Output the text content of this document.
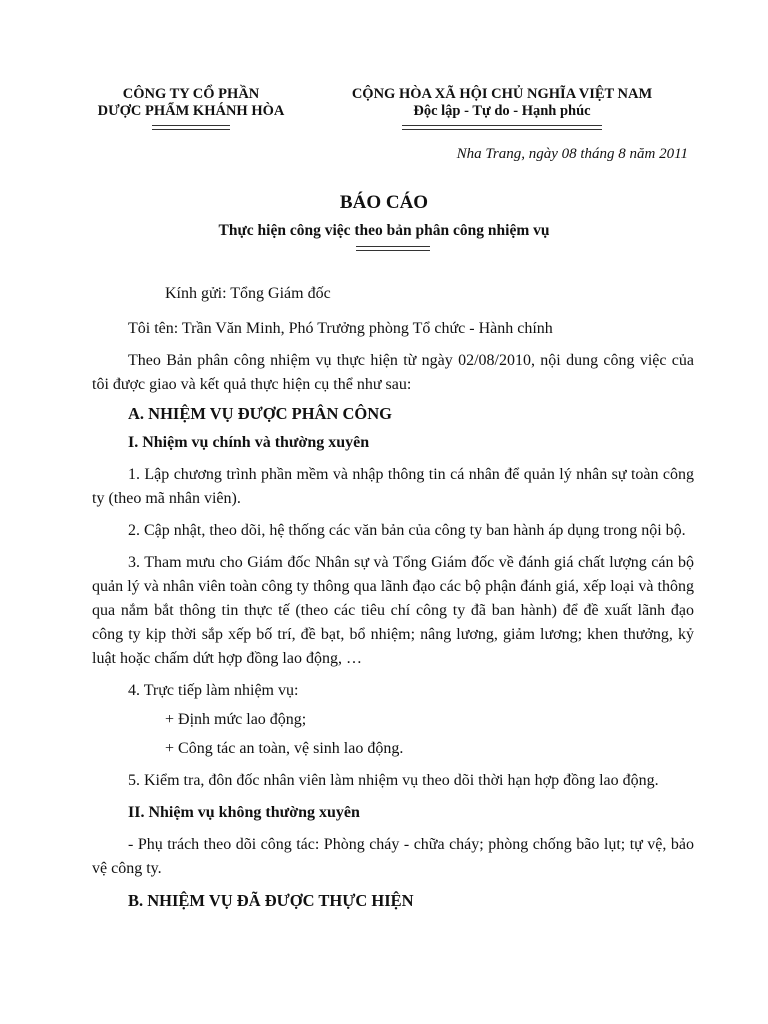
CÔNG TY CỔ PHẦN
DƯỢC PHẨM KHÁNH HÒA
CỘNG HÒA XÃ HỘI CHỦ NGHĨA VIỆT NAM
Độc lập - Tự do - Hạnh phúc
Nha Trang, ngày 08 tháng 8 năm 2011
BÁO CÁO
Thực hiện công việc theo bản phân công nhiệm vụ

Kính gửi: Tổng Giám đốc

Tôi tên: Trần Văn Minh, Phó Trưởng phòng Tổ chức - Hành chính

Theo Bản phân công nhiệm vụ thực hiện từ ngày 02/08/2010, nội dung công việc của tôi được giao và kết quả thực hiện cụ thể như sau:

A. NHIỆM VỤ ĐƯỢC PHÂN CÔNG

I. Nhiệm vụ chính và thường xuyên

1. Lập chương trình phần mềm và nhập thông tin cá nhân để quản lý nhân sự toàn công ty (theo mã nhân viên).

2. Cập nhật, theo dõi, hệ thống các văn bản của công ty ban hành áp dụng trong nội bộ.

3. Tham mưu cho Giám đốc Nhân sự và Tổng Giám đốc về đánh giá chất lượng cán bộ quản lý và nhân viên toàn công ty thông qua lãnh đạo các bộ phận đánh giá, xếp loại và thông qua nắm bắt thông tin thực tế (theo các tiêu chí công ty đã ban hành) để đề xuất lãnh đạo công ty kịp thời sắp xếp bố trí, đề bạt, bổ nhiệm; nâng lương, giảm lương; khen thưởng, kỷ luật hoặc chấm dứt hợp đồng lao động, …

4. Trực tiếp làm nhiệm vụ:

+ Định mức lao động;

+ Công tác an toàn, vệ sinh lao động.

5. Kiểm tra, đôn đốc nhân viên làm nhiệm vụ theo dõi thời hạn hợp đồng lao động.

II. Nhiệm vụ không thường xuyên

- Phụ trách theo dõi công tác: Phòng cháy - chữa cháy; phòng chống bão lụt; tự vệ, bảo vệ công ty.

B. NHIỆM VỤ ĐÃ ĐƯỢC THỰC HIỆN
